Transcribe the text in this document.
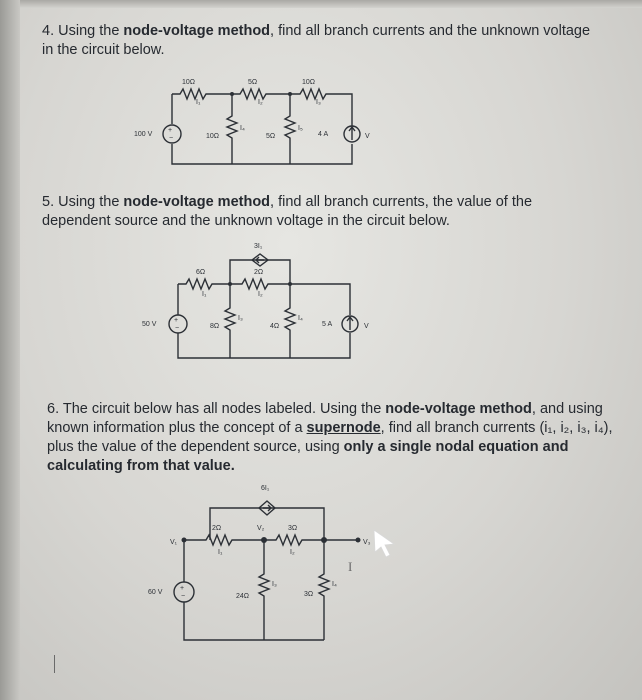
4. Using the node-voltage method, find all branch currents and the unknown voltage in the circuit below.

+
−
10Ω	5Ω	10Ω
10Ω	5Ω
100 V	4 A	V
I₁	I₂	I₃
I₄	I₅

5. Using the node-voltage method, find all branch currents, the value of the dependent source and the unknown voltage in the circuit below.

3I₁
+
−
6Ω	2Ω
8Ω	4Ω
50 V	5 A	V
I₁	I₂
I₃	I₄

6. The circuit below has all nodes labeled. Using the node-voltage method, and using known information plus the concept of a supernode, find all branch currents (i₁, i₂, i₃, i₄), plus the value of the dependent source, using only a single nodal equation and calculating from that value.

6I₁
V₁
V₂
V₃
+
−
2Ω	3Ω
24Ω	3Ω
60 V
I₁	I₂
I₃	I₄
I
